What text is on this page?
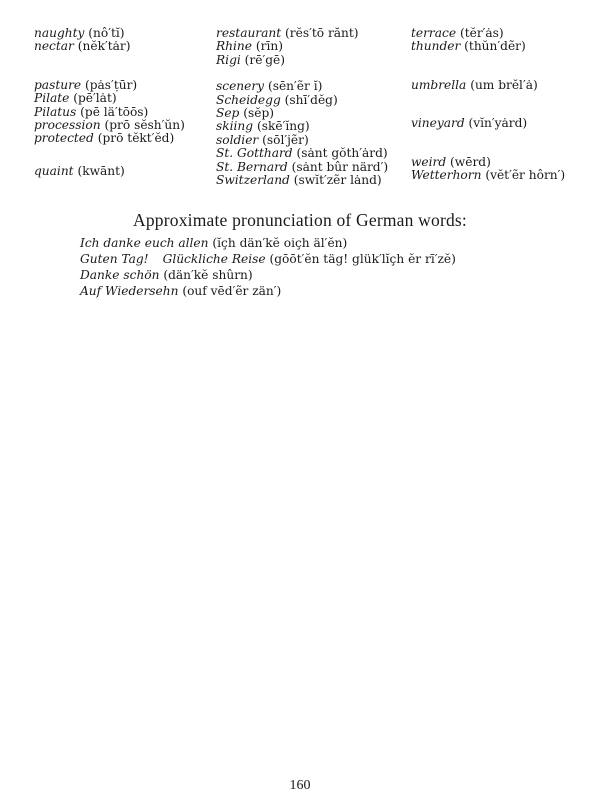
naughty (nô′tĭ)
nectar (nĕk′tȧr)
pasture (pȧs′ṭūr)
Pilate (pē′lȧt)
Pilatus (pē lä′tōōs)
procession (prō sĕsh′ŭn)
protected (prō tĕkt′ĕd)
quaint (kwānt)
restaurant (rĕs′tō rănt)
Rhine (rīn)
Rigi (rē′gē)
scenery (sēn′ẽr ĭ)
Scheidegg (shī′dĕg)
Sep (sĕp)
skiing (skē′ĭng)
soldier (sōl′jẽr)
St. Gotthard (sȧnt gŏth′ȧrd)
St. Bernard (sȧnt bûr närd′)
Switzerland (swĭt′zẽr lȧnd)
terrace (tĕr′ȧs)
thunder (thŭn′dẽr)
umbrella (um brĕl′ȧ)
vineyard (vĭn′yȧrd)
weird (wērd)
Wetterhorn (vĕt′ẽr hôrn′)
Approximate pronunciation of German words:
Ich danke euch allen (ĭçh dän′kĕ oiçh äl′ĕn)
Guten Tag! Glückliche Reise (gōōt′ĕn täg! glük′lĭçh ĕr rī′zĕ)
Danke schön (dän′kĕ shûrn)
Auf Wiedersehn (ouf vēd′ẽr zän′)
160
